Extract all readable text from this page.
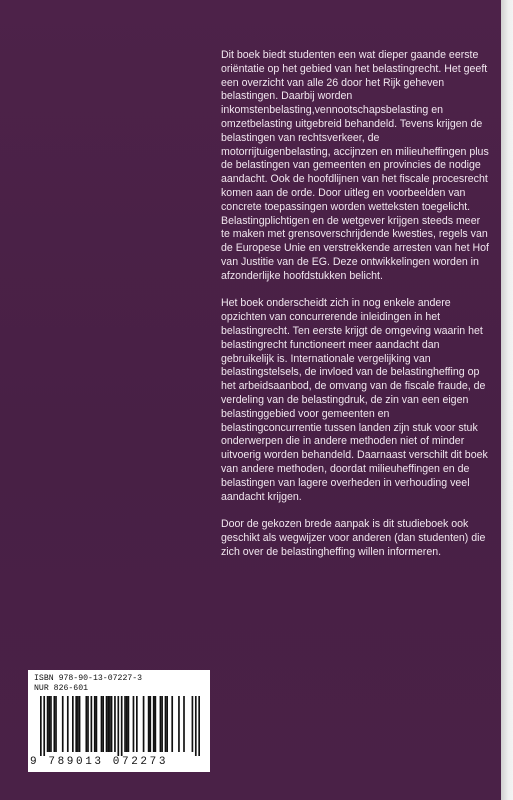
Dit boek biedt studenten een wat dieper gaande eerste oriëntatie op het gebied van het belastingrecht. Het geeft een overzicht van alle 26 door het Rijk geheven belastingen. Daarbij worden inkomstenbelasting,vennootschapsbelasting en omzetbelasting uitgebreid behandeld. Tevens krijgen de belastingen van rechtsverkeer, de motorrijtuigenbelasting, accijnzen en milieuheffingen plus de belastingen van gemeenten en provincies de nodige aandacht. Ook de hoofdlijnen van het fiscale procesrecht komen aan de orde. Door uitleg en voorbeelden van concrete toepassingen worden wetteksten toegelicht. Belastingplichtigen en de wetgever krijgen steeds meer te maken met grensoverschrijdende kwesties, regels van de Europese Unie en verstrekkende arresten van het Hof van Justitie van de EG. Deze ontwikkelingen worden in afzonderlijke hoofdstukken belicht.

Het boek onderscheidt zich in nog enkele andere opzichten van concurrerende inleidingen in het belastingrecht. Ten eerste krijgt de omgeving waarin het belastingrecht functioneert meer aandacht dan gebruikelijk is. Internationale vergelijking van belastingstelsels, de invloed van de belastingheffing op het arbeidsaanbod, de omvang van de fiscale fraude, de verdeling van de belastingdruk, de zin van een eigen belastinggebied voor gemeenten en belastingconcurrentie tussen landen zijn stuk voor stuk onderwerpen die in andere methoden niet of minder uitvoerig worden behandeld. Daarnaast verschilt dit boek van andere methoden, doordat milieuheffingen en de belastingen van lagere overheden in verhouding veel aandacht krijgen.

Door de gekozen brede aanpak is dit studieboek ook geschikt als wegwijzer voor anderen (dan studenten) die zich over de belastingheffing willen informeren.

ISBN 978-90-13-07227-3
NUR 826-601
9 789013 072273
